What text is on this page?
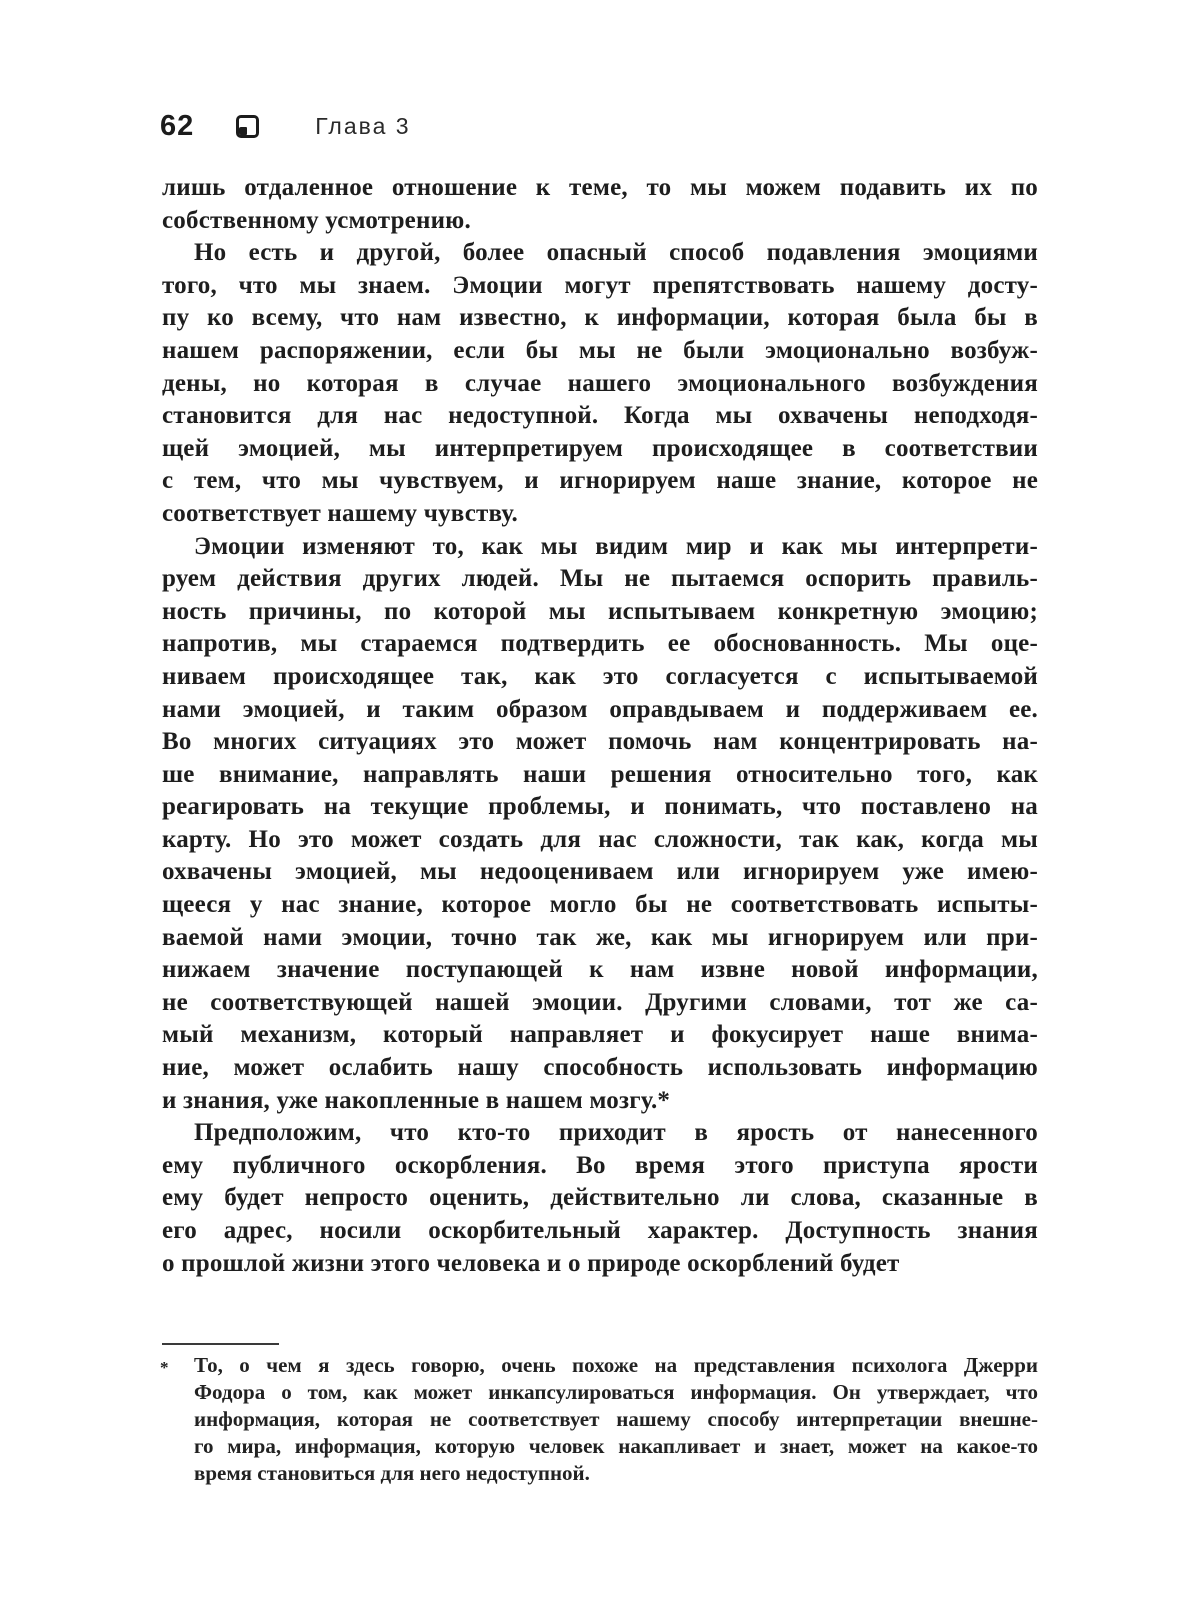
62	Глава 3
лишь отдаленное отношение к теме, то мы можем подавить их по
собственному усмотрению.
Но есть и другой, более опасный способ подавления эмоциями
того, что мы знаем. Эмоции могут препятствовать нашему досту-
пу ко всему, что нам известно, к информации, которая была бы в
нашем распоряжении, если бы мы не были эмоционально возбуж-
дены, но которая в случае нашего эмоционального возбуждения
становится для нас недоступной. Когда мы охвачены неподходя-
щей эмоцией, мы интерпретируем происходящее в соответствии
с тем, что мы чувствуем, и игнорируем наше знание, которое не
соответствует нашему чувству.
Эмоции изменяют то, как мы видим мир и как мы интерпрети-
руем действия других людей. Мы не пытаемся оспорить правиль-
ность причины, по которой мы испытываем конкретную эмоцию;
напротив, мы стараемся подтвердить ее обоснованность. Мы оце-
ниваем происходящее так, как это согласуется с испытываемой
нами эмоцией, и таким образом оправдываем и поддерживаем ее.
Во многих ситуациях это может помочь нам концентрировать на-
ше внимание, направлять наши решения относительно того, как
реагировать на текущие проблемы, и понимать, что поставлено на
карту. Но это может создать для нас сложности, так как, когда мы
охвачены эмоцией, мы недооцениваем или игнорируем уже имею-
щееся у нас знание, которое могло бы не соответствовать испыты-
ваемой нами эмоции, точно так же, как мы игнорируем или при-
нижаем значение поступающей к нам извне новой информации,
не соответствующей нашей эмоции. Другими словами, тот же са-
мый механизм, который направляет и фокусирует наше внима-
ние, может ослабить нашу способность использовать информацию
и знания, уже накопленные в нашем мозгу.*
Предположим, что кто-то приходит в ярость от нанесенного
ему публичного оскорбления. Во время этого приступа ярости
ему будет непросто оценить, действительно ли слова, сказанные в
его адрес, носили оскорбительный характер. Доступность знания
о прошлой жизни этого человека и о природе оскорблений будет
*	То, о чем я здесь говорю, очень похоже на представления психолога Джерри
Фодора о том, как может инкапсулироваться информация. Он утверждает, что
информация, которая не соответствует нашему способу интерпретации внешне-
го мира, информация, которую человек накапливает и знает, может на какое-то
время становиться для него недоступной.
